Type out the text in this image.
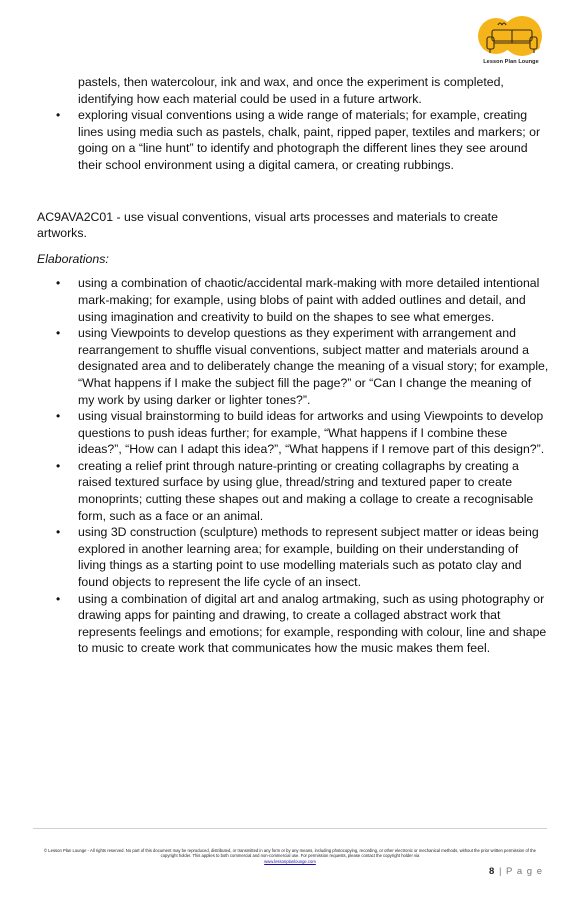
Lesson Plan Lounge
pastels, then watercolour, ink and wax, and once the experiment is completed, identifying how each material could be used in a future artwork.
• exploring visual conventions using a wide range of materials; for example, creating lines using media such as pastels, chalk, paint, ripped paper, textiles and markers; or going on a “line hunt” to identify and photograph the different lines they see around their school environment using a digital camera, or creating rubbings.
AC9AVA2C01 - use visual conventions, visual arts processes and materials to create artworks.
Elaborations:
• using a combination of chaotic/accidental mark-making with more detailed intentional mark-making; for example, using blobs of paint with added outlines and detail, and using imagination and creativity to build on the shapes to see what emerges.
• using Viewpoints to develop questions as they experiment with arrangement and rearrangement to shuffle visual conventions, subject matter and materials around a designated area and to deliberately change the meaning of a visual story; for example, “What happens if I make the subject fill the page?” or “Can I change the meaning of my work by using darker or lighter tones?”.
• using visual brainstorming to build ideas for artworks and using Viewpoints to develop questions to push ideas further; for example, “What happens if I combine these ideas?”, “How can I adapt this idea?”, “What happens if I remove part of this design?”.
• creating a relief print through nature-printing or creating collagraphs by creating a raised textured surface by using glue, thread/string and textured paper to create monoprints; cutting these shapes out and making a collage to create a recognisable form, such as a face or an animal.
• using 3D construction (sculpture) methods to represent subject matter or ideas being explored in another learning area; for example, building on their understanding of living things as a starting point to use modelling materials such as potato clay and found objects to represent the life cycle of an insect.
• using a combination of digital art and analog artmaking, such as using photography or drawing apps for painting and drawing, to create a collaged abstract work that represents feelings and emotions; for example, responding with colour, line and shape to music to create work that communicates how the music makes them feel.
© Lesson Plan Lounge - All rights reserved. No part of this document may be reproduced, distributed, or transmitted in any form or by any means, including photocopying, recording, or other electronic or mechanical methods, without the prior written permission of the copyright holder. This applies to both commercial and non-commercial use. For permission requests, please contact the copyright holder via
www.lessonplanlounge.com
8 | P a g e
